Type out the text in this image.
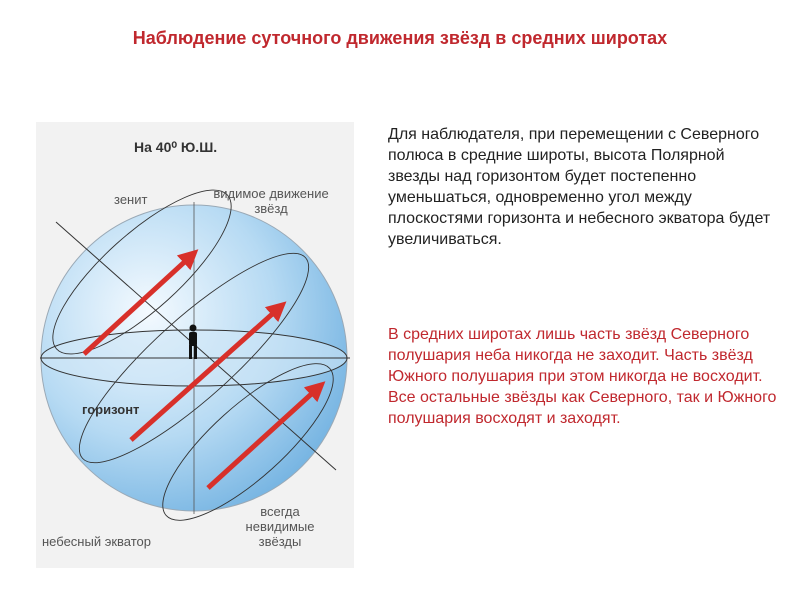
Наблюдение суточного движения звёзд в средних широтах
На 40⁰ Ю.Ш.
зенит	видимое движение звёзд
горизонт
всегда невидимые звёзды
небесный экватор
Для наблюдателя, при перемещении с Северного полюса в средние широты, высота Полярной звезды над горизонтом будет постепенно уменьшаться, одновременно угол между плоскостями горизонта и небесного экватора будет увеличиваться.
В средних широтах лишь часть звёзд Северного полушария неба никогда не заходит. Часть звёзд Южного полушария при этом никогда не восходит. Все остальные звёзды как Северного, так и Южного полушария восходят и заходят.
